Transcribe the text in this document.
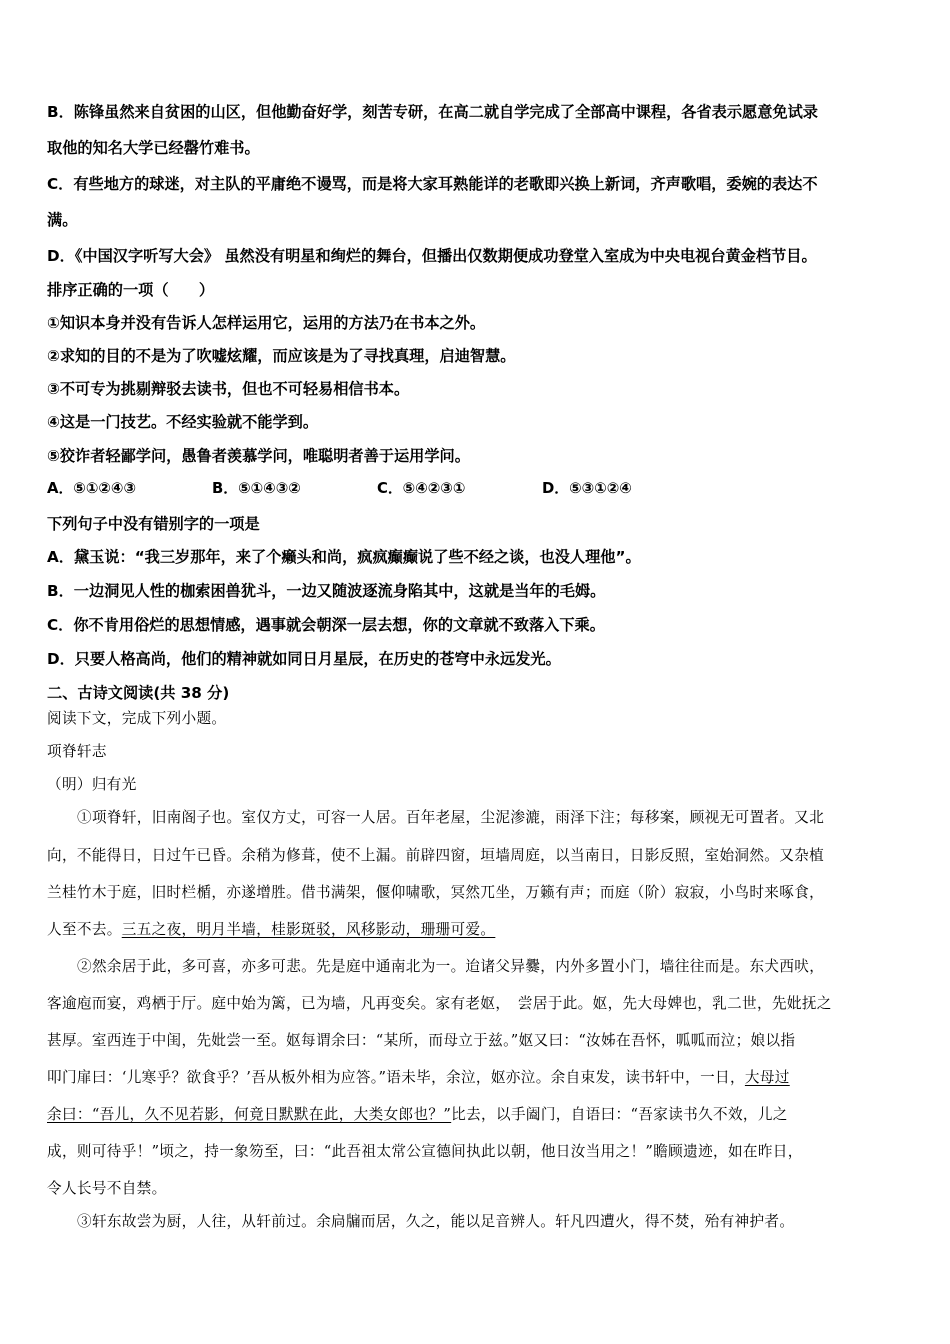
B．陈锋虽然来自贫困的山区，但他勤奋好学，刻苦专研，在高二就自学完成了全部高中课程，各省表示愿意免试录
取他的知名大学已经罄竹难书。
C．有些地方的球迷，对主队的平庸绝不谩骂，而是将大家耳熟能详的老歌即兴换上新词，齐声歌唱，委婉的表达不
满。
D．《中国汉字听写大会》 虽然没有明星和绚烂的舞台，但播出仅数期便成功登堂入室成为中央电视台黄金档节目。
排序正确的一项（　　）
①知识本身并没有告诉人怎样运用它，运用的方法乃在书本之外。
②求知的目的不是为了吹嘘炫耀，而应该是为了寻找真理，启迪智慧。
③不可专为挑剔辩驳去读书，但也不可轻易相信书本。
④这是一门技艺。不经实验就不能学到。
⑤狡诈者轻鄙学问，愚鲁者羡慕学问，唯聪明者善于运用学问。
A．⑤①②④③	B．⑤①④③②	C．⑤④②③①	D．⑤③①②④
下列句子中没有错别字的一项是
A．黛玉说：“我三岁那年，来了个癞头和尚，疯疯癫癫说了些不经之谈，也没人理他”。
B．一边洞见人性的枷索困兽犹斗，一边又随波逐流身陷其中，这就是当年的毛姆。
C．你不肯用俗烂的思想情感，遇事就会朝深一层去想，你的文章就不致落入下乘。
D．只要人格高尚，他们的精神就如同日月星辰，在历史的苍穹中永远发光。
二、古诗文阅读(共 38 分)
阅读下文，完成下列小题。
项脊轩志
（明）归有光
①项脊轩，旧南阁子也。室仅方丈，可容一人居。百年老屋，尘泥渗漉，雨泽下注；每移案，顾视无可置者。又北
向，不能得日，日过午已昏。余稍为修葺，使不上漏。前辟四窗，垣墙周庭，以当南日，日影反照，室始洞然。又杂植
兰桂竹木于庭，旧时栏楯，亦遂增胜。借书满架，偃仰啸歌，冥然兀坐，万籁有声；而庭（阶）寂寂，小鸟时来啄食，
人至不去。三五之夜，明月半墙，桂影斑驳，风移影动，珊珊可爱。
②然余居于此，多可喜，亦多可悲。先是庭中通南北为一。迨诸父异爨，内外多置小门，墙往往而是。东犬西吠，
客逾庖而宴，鸡栖于厅。庭中始为篱，已为墙，凡再变矣。家有老妪，　尝居于此。妪，先大母婢也，乳二世，先妣抚之
甚厚。室西连于中闺，先妣尝一至。妪每谓余曰：“某所，而母立于兹。”妪又曰：“汝姊在吾怀，呱呱而泣；娘以指
叩门扉曰：‘儿寒乎？欲食乎？’吾从板外相为应答。”语未毕，余泣，妪亦泣。余自束发，读书轩中，一日，大母过
余曰：“吾儿，久不见若影，何竟日默默在此，大类女郎也？”比去，以手阖门，自语曰：“吾家读书久不效，儿之
成，则可待乎！”顷之，持一象笏至，曰：“此吾祖太常公宣德间执此以朝，他日汝当用之！”瞻顾遗迹，如在昨日，
令人长号不自禁。
③轩东故尝为厨，人往，从轩前过。余扃牖而居，久之，能以足音辨人。轩凡四遭火，得不焚，殆有神护者。
